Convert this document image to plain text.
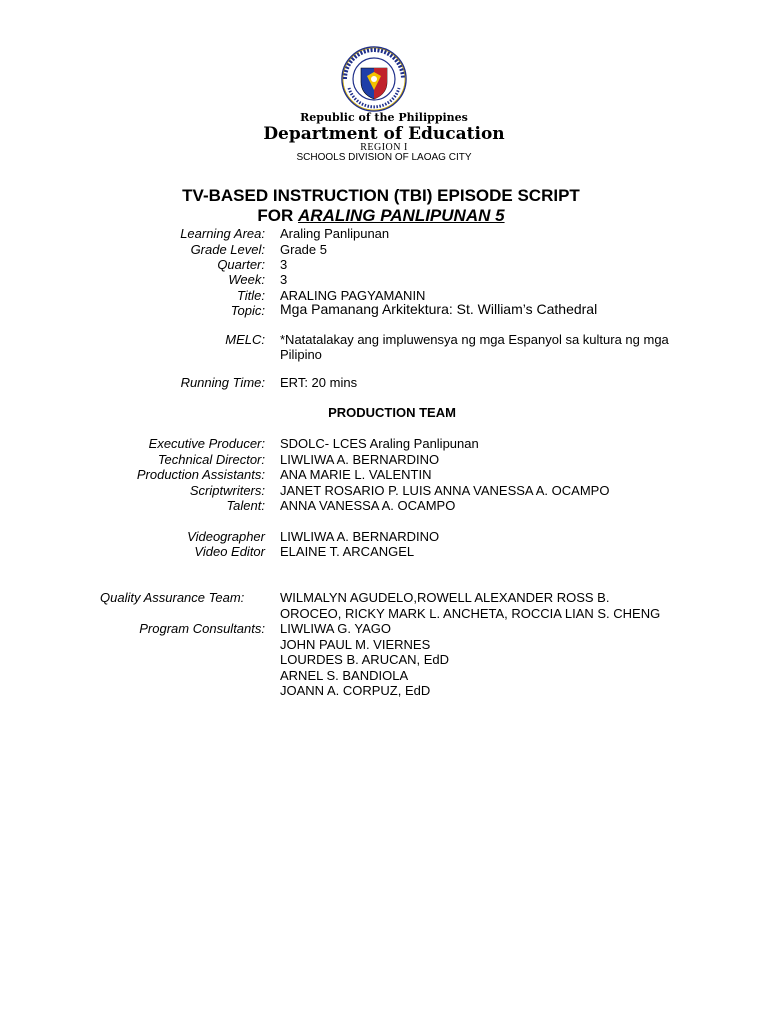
Republic of the Philippines
Department of Education
REGION I
SCHOOLS DIVISION OF LAOAG CITY
TV-BASED INSTRUCTION (TBI) EPISODE SCRIPT
FOR ARALING PANLIPUNAN 5
Learning Area: Araling Panlipunan
Grade Level: Grade 5
Quarter: 3
Week: 3
Title: ARALING PAGYAMANIN
Topic: Mga Pamanang Arkitektura: St. William’s Cathedral
MELC: *Natatalakay ang impluwensya ng mga Espanyol sa kultura ng mga Pilipino
Running Time: ERT: 20 mins
PRODUCTION TEAM
Executive Producer: SDOLC- LCES Araling Panlipunan
Technical Director: LIWLIWA A. BERNARDINO
Production Assistants: ANA MARIE L. VALENTIN
Scriptwriters: JANET ROSARIO P. LUIS ANNA VANESSA A. OCAMPO
Talent: ANNA VANESSA A. OCAMPO
Videographer LIWLIWA A. BERNARDINO
Video Editor ELAINE T. ARCANGEL
Quality Assurance Team:	WILMALYN AGUDELO,ROWELL ALEXANDER ROSS B.
OROCEO, RICKY MARK L. ANCHETA, ROCCIA LIAN S. CHENG
Program Consultants: LIWLIWA G. YAGO
JOHN PAUL M. VIERNES
LOURDES B. ARUCAN, EdD
ARNEL S. BANDIOLA
JOANN A. CORPUZ, EdD
